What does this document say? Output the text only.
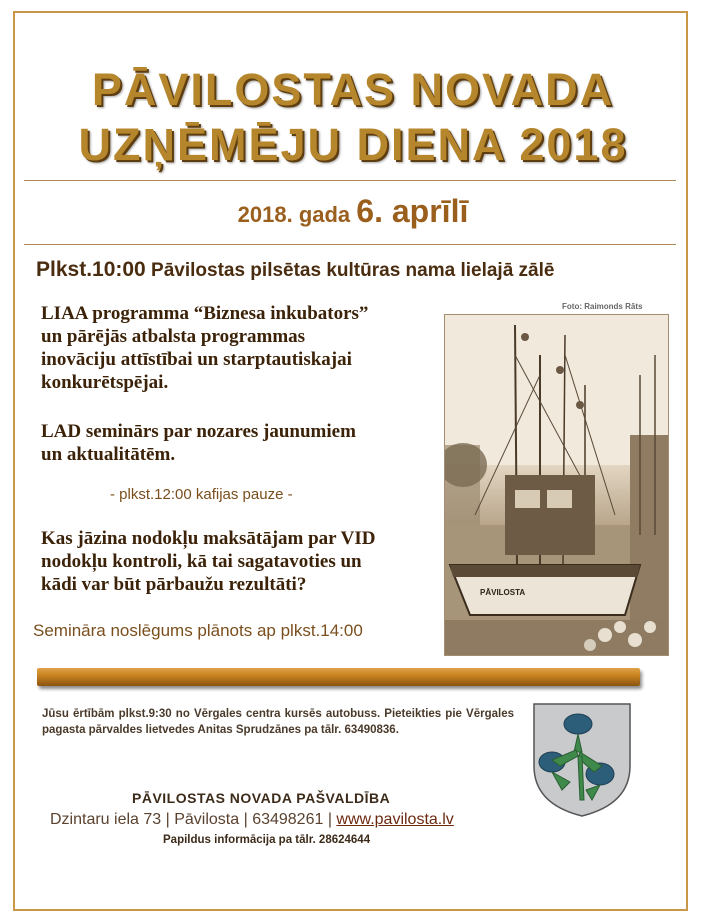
PĀVILOSTAS NOVADA
UZŅĒMĒJU DIENA 2018
2018. gada 6. aprīlī
Plkst.10:00 Pāvilostas pilsētas kultūras nama lielajā zālē
LIAA programma “Biznesa inkubators”
un pārējās atbalsta programmas
inovāciju attīstībai un starptautiskajai
konkurētspējai.
LAD seminārs par nozares jaunumiem
un aktualitātēm.
- plkst.12:00 kafijas pauze -
Kas jāzina nodokļu maksātājam par VID
nodokļu kontroli, kā tai sagatavoties un
kādi var būt pārbaužu rezultāti?
Semināra noslēgums plānots ap plkst.14:00
Foto: Raimonds Rāts
PĀVILOSTA
Jūsu ērtībām plkst.9:30 no Vērgales centra kursēs autobuss. Pieteikties pie Vērgales pagasta pārvaldes lietvedes Anitas Sprudzānes pa tālr. 63490836.
PĀVILOSTAS NOVADA PAŠVALDĪBA
Dzintaru iela 73 | Pāvilosta | 63498261 | www.pavilosta.lv
Papildus informācija pa tālr. 28624644
